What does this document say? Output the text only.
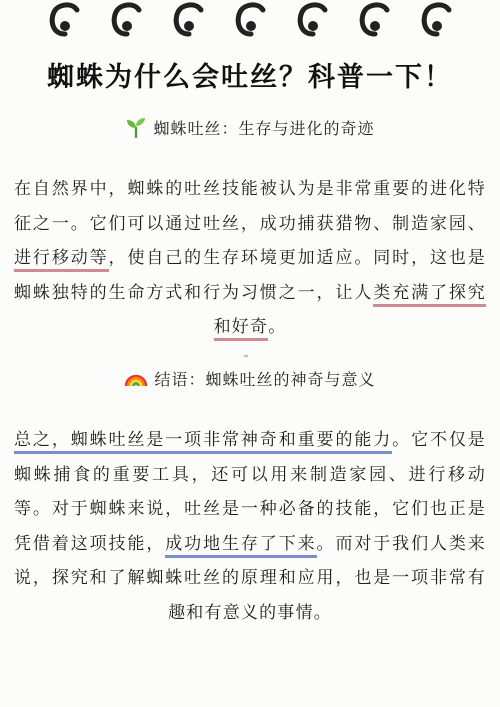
蜘蛛为什么会吐丝？科普一下！
蜘蛛吐丝：生存与进化的奇迹

在自然界中，蜘蛛的吐丝技能被认为是非常重要的进化特征之一。它们可以通过吐丝，成功捕获猎物、制造家园、进行移动等，使自己的生存环境更加适应。同时，这也是蜘蛛独特的生命方式和行为习惯之一，让人类充满了探究和好奇。

≈
结语：蜘蛛吐丝的神奇与意义

总之，蜘蛛吐丝是一项非常神奇和重要的能力。它不仅是蜘蛛捕食的重要工具，还可以用来制造家园、进行移动等。对于蜘蛛来说，吐丝是一种必备的技能，它们也正是凭借着这项技能，成功地生存了下来。而对于我们人类来说，探究和了解蜘蛛吐丝的原理和应用，也是一项非常有趣和有意义的事情。
